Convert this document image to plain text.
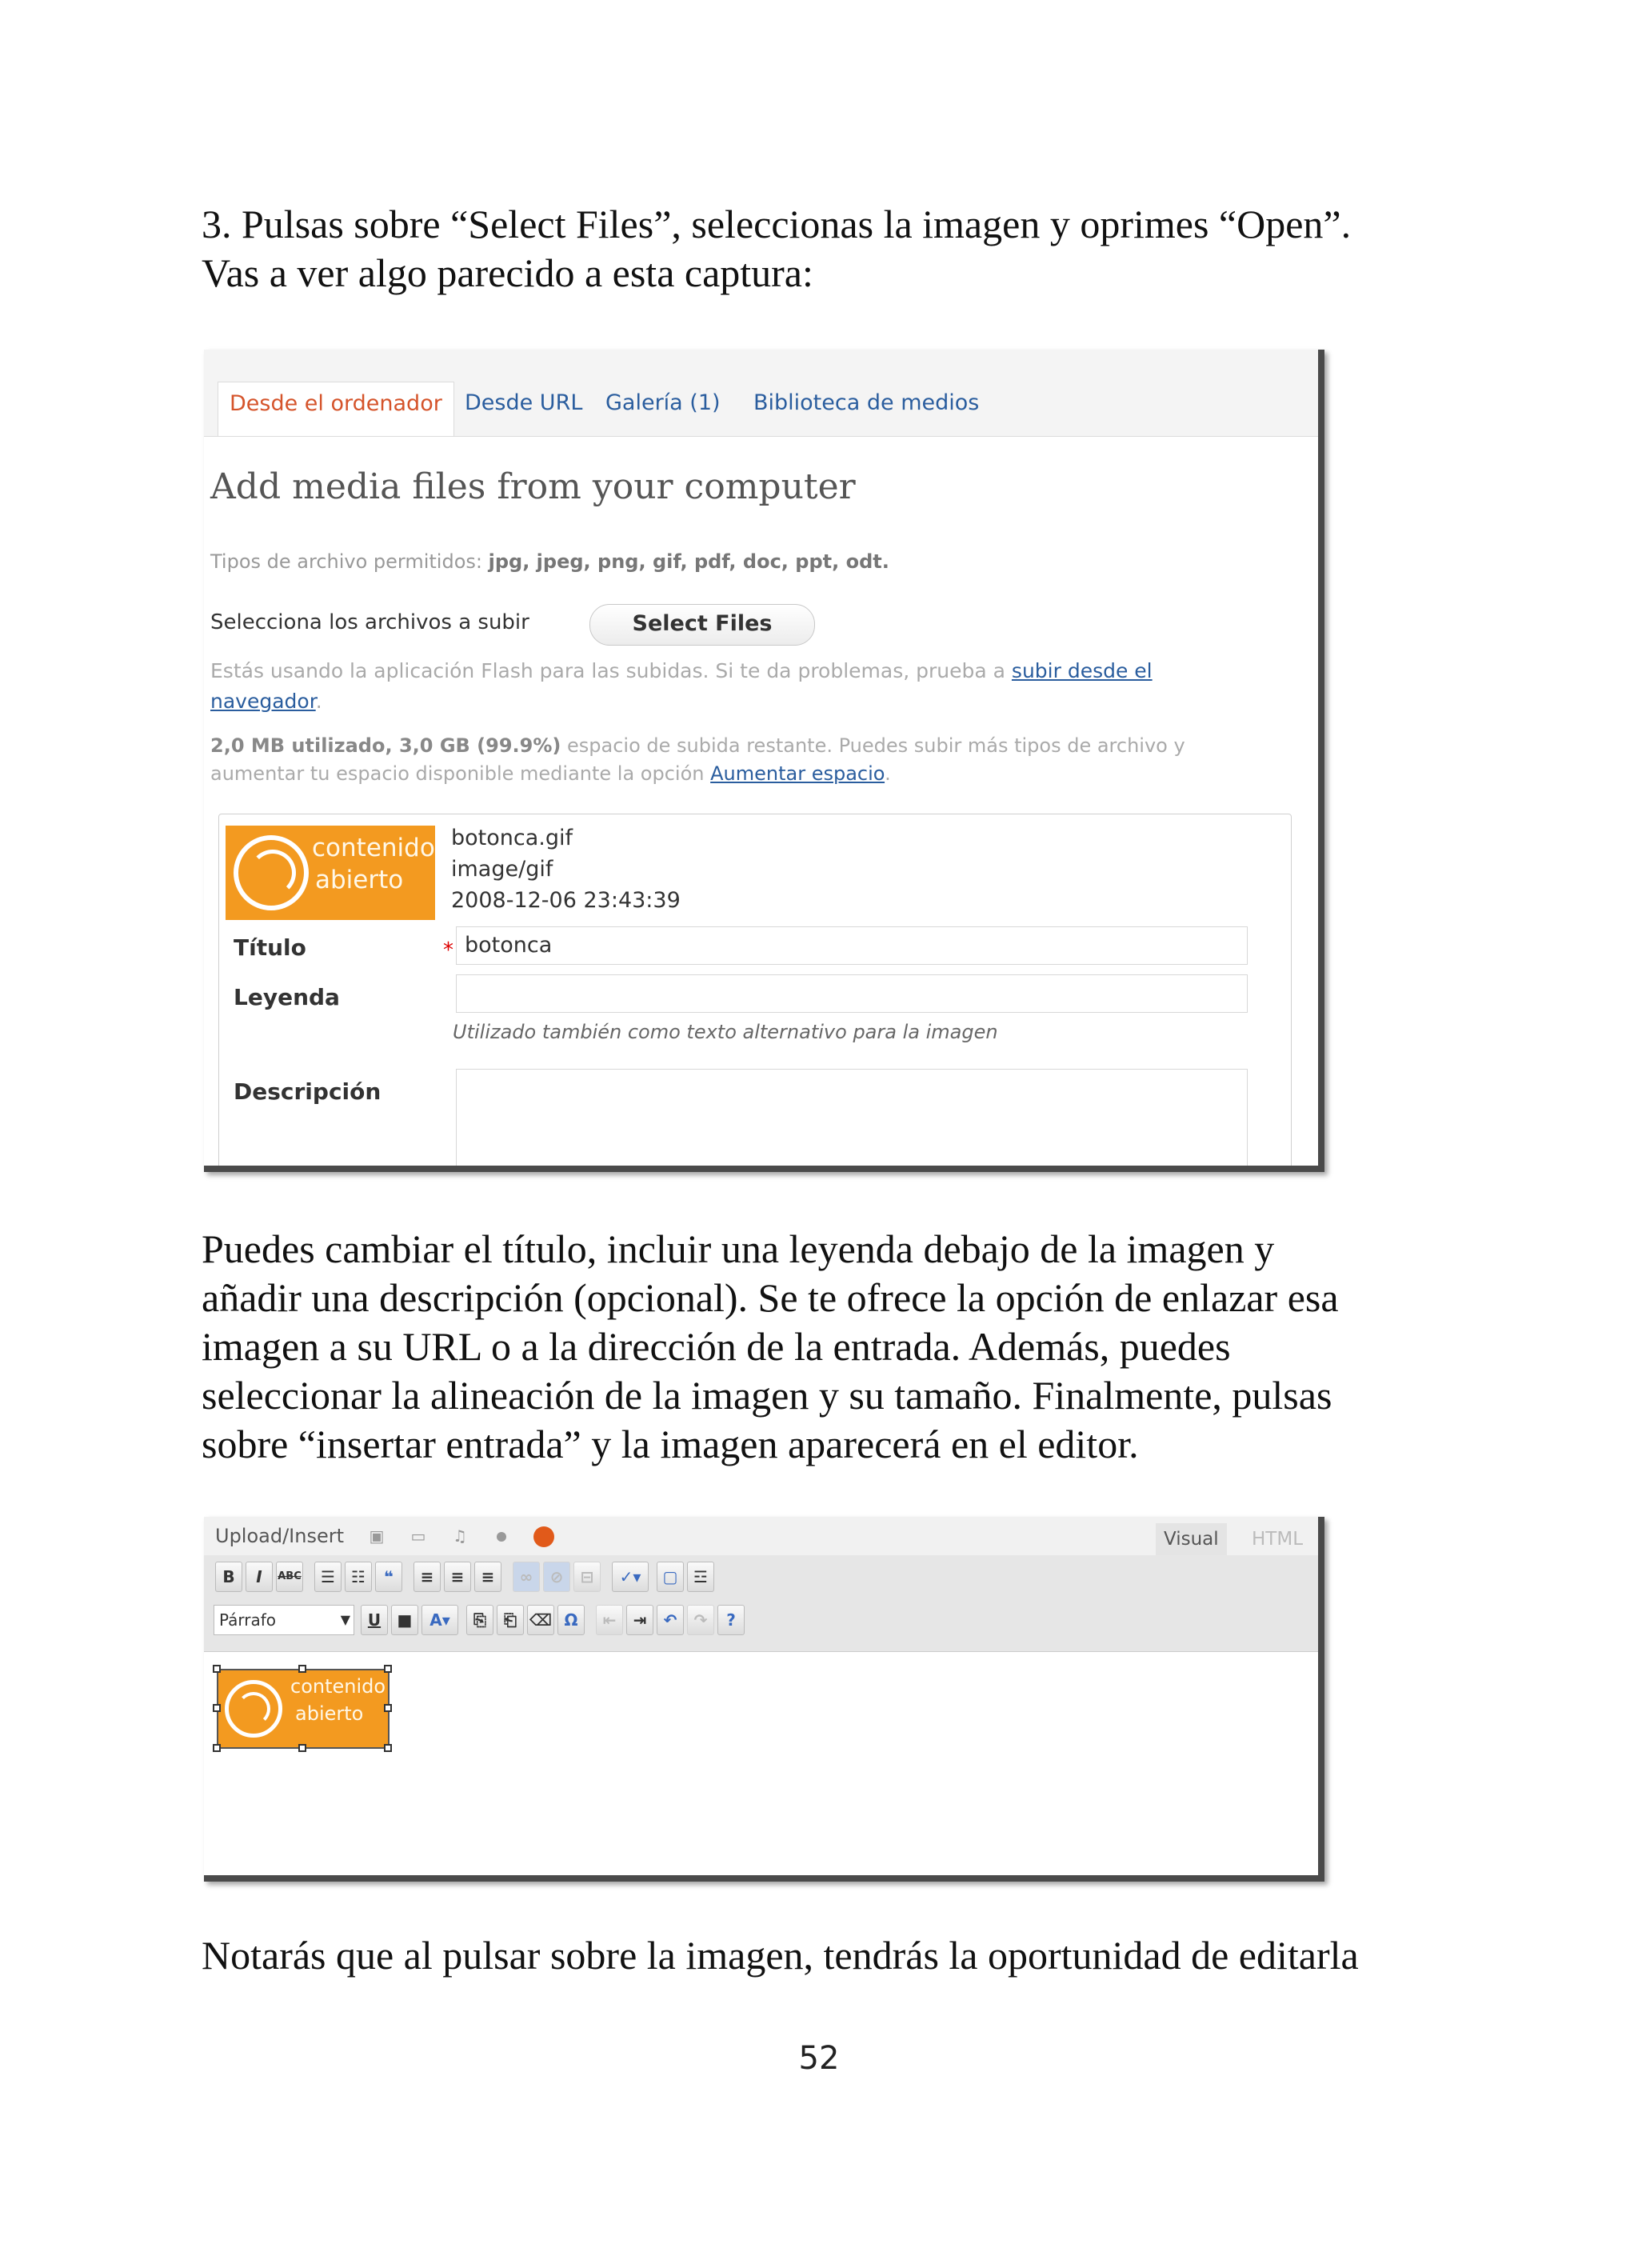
3. Pulsas sobre “Select Files”, seleccionas la imagen y oprimes “Open”.
Vas a ver algo parecido a esta captura:

Desde el ordenador	Desde URL	Galería (1)	Biblioteca de medios
Add media files from your computer
Tipos de archivo permitidos: jpg, jpeg, png, gif, pdf, doc, ppt, odt.
Selecciona los archivos a subir	Select Files
Estás usando la aplicación Flash para las subidas. Si te da problemas, prueba a subir desde el navegador.
2,0 MB utilizado, 3,0 GB (99.9%) espacio de subida restante. Puedes subir más tipos de archivo y aumentar tu espacio disponible mediante la opción Aumentar espacio.
contenido
abierto
botonca.gif
image/gif
2008-12-06 23:43:39
Título	* botonca
Leyenda
Utilizado también como texto alternativo para la imagen
Descripción

Puedes cambiar el título, incluir una leyenda debajo de la imagen y
añadir una descripción (opcional). Se te ofrece la opción de enlazar esa
imagen a su URL o a la dirección de la entrada. Además, puedes
seleccionar la alineación de la imagen y su tamaño. Finalmente, pulsas
sobre “insertar entrada” y la imagen aparecerá en el editor.

Upload/Insert ▣ ▭ ♫	Visual	HTML
B	I	ABC	☰	☷	❝	≡	≡	≡	∞	⊘	⊟	✓▾	▢ ☲
Párrafo	▼	U	■	A▾	⎘	⎗ ⌫ Ω	⇤	⇥	↶	↷	?
contenido
abierto

Notarás que al pulsar sobre la imagen, tendrás la oportunidad de editarla

52
